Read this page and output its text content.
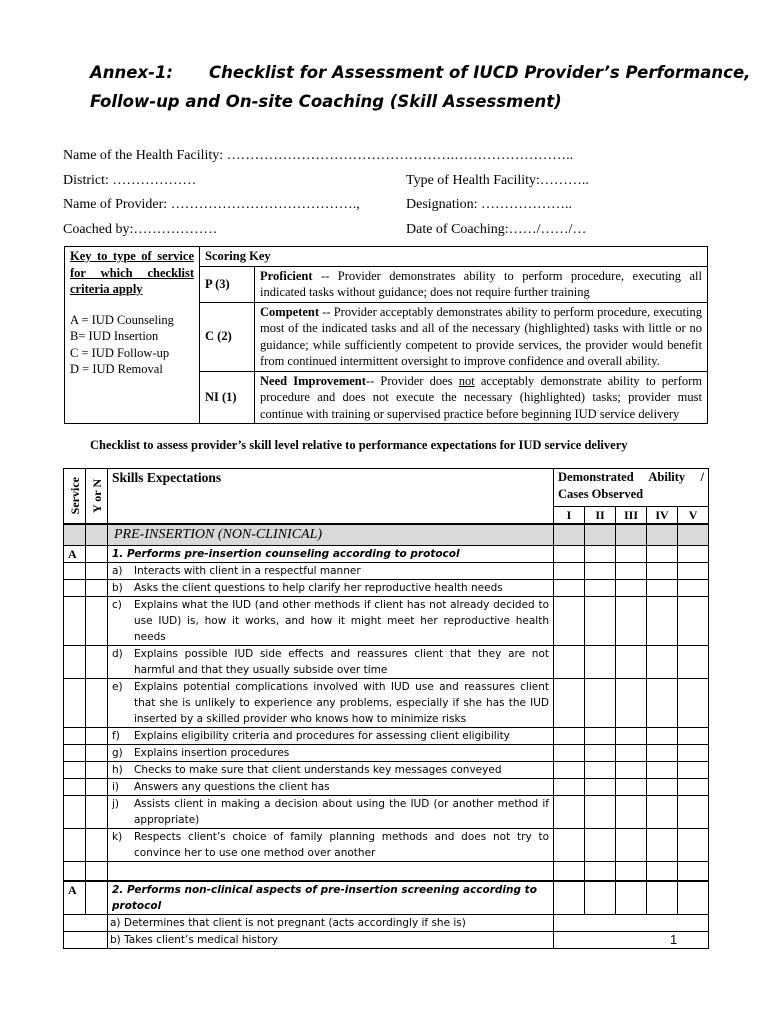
Annex-1: Checklist for Assessment of IUCD Provider’s Performance,
Follow-up and On-site Coaching (Skill Assessment)
Name of the Health Facility: ………………………………………….……………………..
District: ………………	Type of Health Facility:………..
Name of Provider: ………………………………….,	Designation: ………………..
Coached by:………………	Date of Coaching:……/……/…
Key to type of service for which checklist criteria apply
A = IUD Counseling
B= IUD Insertion
C = IUD Follow-up
D = IUD Removal	Scoring Key	
	P (3)	Proficient -- Provider demonstrates ability to perform procedure, executing all indicated tasks without guidance; does not require further training
	C (2)	Competent -- Provider acceptably demonstrates ability to perform procedure, executing most of the indicated tasks and all of the necessary (highlighted) tasks with little or no guidance; while sufficiently competent to provide services, the provider would benefit from continued intermittent oversight to improve confidence and overall ability.
	NI (1)	Need Improvement-- Provider does not acceptably demonstrate ability to perform procedure and does not execute the necessary (highlighted) tasks; provider must continue with training or supervised practice before beginning IUD service delivery
Checklist to assess provider’s skill level relative to performance expectations for IUD service delivery
Service	Y or N	Skills Expectations	Demonstrated Ability / Cases Observed				
			I	II	III	IV	V
		PRE-INSERTION (NON-CLINICAL)					
A		1. Performs pre-insertion counseling according to protocol					
		a) Interacts with client in a respectful manner					

		b) Asks the client questions to help clarify her reproductive health needs					

		c) Explains what the IUD (and other methods if client has not already decided to use IUD) is, how it works, and how it might meet her reproductive health needs					

		d) Explains possible IUD side effects and reassures client that they are not harmful and that they usually subside over time					

		e) Explains potential complications involved with IUD use and reassures client that she is unlikely to experience any problems, especially if she has the IUD inserted by a skilled provider who knows how to minimize risks					

		f) Explains eligibility criteria and procedures for assessing client eligibility					

		g) Explains insertion procedures					

		h) Checks to make sure that client understands key messages conveyed					

		i) Answers any questions the client has					

		j) Assists client in making a decision about using the IUD (or another method if appropriate)					

		k) Respects client’s choice of family planning methods and does not try to convince her to use one method over another					

A		2. Performs non-clinical aspects of pre-insertion screening according to protocol					
		a) Determines that client is not pregnant (acts accordingly if she is)					
		b) Takes client’s medical history						1
